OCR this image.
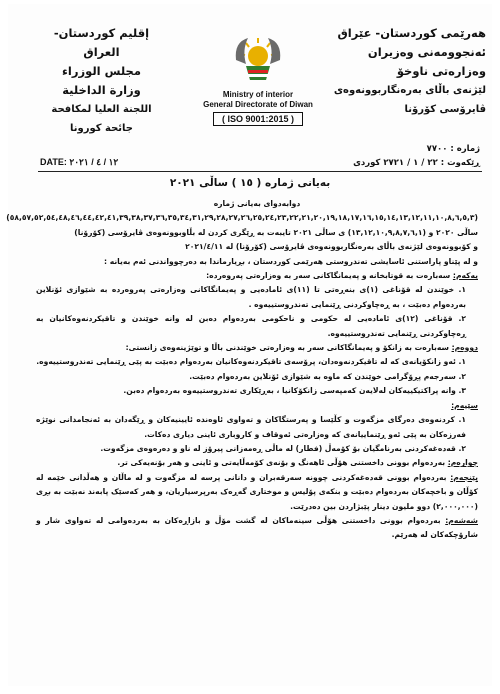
هەرێمی کوردستان- عێراق
ئەنجوومەنی وەزیران
وەزارەتی ناوخۆ
لێژنەی باڵای بەرەنگاربوونەوەی
ڤایرۆسی کۆرۆنا
Ministry of interior
General Directorate of Diwan
( ISO 9001:2015 )
إقليم كوردستان- العراق
مجلس الوزراء
وزارة الداخلية
اللجنة العليا لمكافحة
جائحة كورونا
ژمارە : ٧٧٠٠
ڕێکەوت : ٢٢ / ١ / ٢٧٢١ کوردی
DATE: ١٢ / ٤ / ٢٠٢١
بەیانی ژمارە ( ١٥ ) ساڵی ٢٠٢١

دوابەدوای بەیانی ژمارە

(٥٨,٥٧,٥٢,٥٤,٤٨,٤٦,٤٤,٤٢,٤١,٣٩,٣٨,٣٧,٣٦,٣٥,٣٤,٣١,٢٩,٢٨,٢٧,٢٦,٢٥,٢٤,٢٣,٢٢,٢١,٢٠,١٩,١٨,١٧,١٦,١٥,١٤,١٣,١٢,١١,١٠,٨,٦,٥,٣)

ساڵی ٢٠٢٠ و (١٣,١٢,١٠,٩,٨,٧,٦,١) ی ساڵی ٢٠٢١ تایبەت بە ڕێگری کردن لە بڵاوبوونەوەی ڤایرۆسی (کۆرۆنا)

و کۆبوونەوەی لێژنەی باڵای بەرەنگاربوونەوەی ڤایرۆسی (کۆرۆنا) لە ٢٠٢١/٤/١١

و لە پێناو پاراستنی ئاسایشی تەندروستی هەرێمی کوردستان ، بڕیارماندا بە دەرچوواندنی ئەم بەیانە :

یەکەم: سەبارەت بە قوتابخانە و پەیمانگاکانی سەر بە وەزارەتی پەروەردە:

١. خوێندن لە قۆناغی (١)ی بنەڕەتی تا (١١)ی ئامادەیی و پەیمانگاکانی وەزارەتی پەروەردە بە شێوازی ئۆنلاین بەردەوام دەبێت ، بە ڕەچاوکردنی ڕێنمایی تەندروستییەوە .

٢. قۆناغی (١٢)ی ئامادەیی لە حکومی و ناحکومی بەردەوام دەبن لە وانە خوێندن و تاقیکردنەوەکانیان بە ڕەچاوکردنی ڕێنمایی تەندروستییەوە.

دووەم: سەبارەت بە زانکۆ و پەیمانگاکانی سەر بە وەزارەتی خوێندنی باڵا و توێژینەوەی زانستی:

١. ئەو زانکۆیانەی کە لە تاقیکردنەوەدان، پرۆسەی تاقیکردنەوەکانیان بەردەوام دەبێت بە پێی ڕێنمایی تەندروستییەوە.

٢. سەرجەم پڕۆگرامی خوێندن کە ماوە بە شێوازی ئۆنلاین بەردەوام دەبێت.

٣. وانە پراکتیکییەکان لەلایەن کەمپەسی زانکۆکانیا ، بەڕێکاری تەندروستییەوە بەردەوام دەبن.

سێیەم:

١. کردنەوەی دەرگای مزگەوت و کڵێسا و پەرستگاکان و تەواوی ئاوەندە ئایینیەکان و ڕێگەدان بە ئەنجامدانی نوێژە فەرزەکان بە پێی ئەو ڕێنماییانەی کە وەزارەتی ئەوقاف و کاروباری ئاینی دیاری دەکات.

٢. قەدەغەکردنی بەرنامگیان بۆ کۆمەڵ (فطار) لە ماڵی ڕەمەزانی پیرۆز لە ناو و دەرەوەی مزگەوت.

چوارەم: بەردەوام بوونی داخستنی هۆڵی ئاهەنگ و بۆنەی کۆمەڵایەتی و ئاینی و هەر بۆنەیەکی تر.

پێنجەم: بەردەوام بوونی قەدەغەکردنی چوونە سەرقەبران و دانانی پرسە لە مزگەوت و لە ماڵان و هەڵدانی خێمە لە کۆڵان و باخچەکان بەردەوام دەبێت و بنکەی پۆلیس و موختاری گەڕەک بەرپرسیاریان، و هەر کەسێک پابەند نەبێت بە بڕی (٢,٠٠٠,٠٠٠) دوو ملیون دینار پێبژاردن بین دەدرێت.

شەشەم: بەردەوام بوونی داخستنی هۆڵی سینەماکان لە گشت مۆڵ و بازاڕەکان بە بەردەوامی لە تەواوی شار و شارۆچکەکان لە هەرێم.
